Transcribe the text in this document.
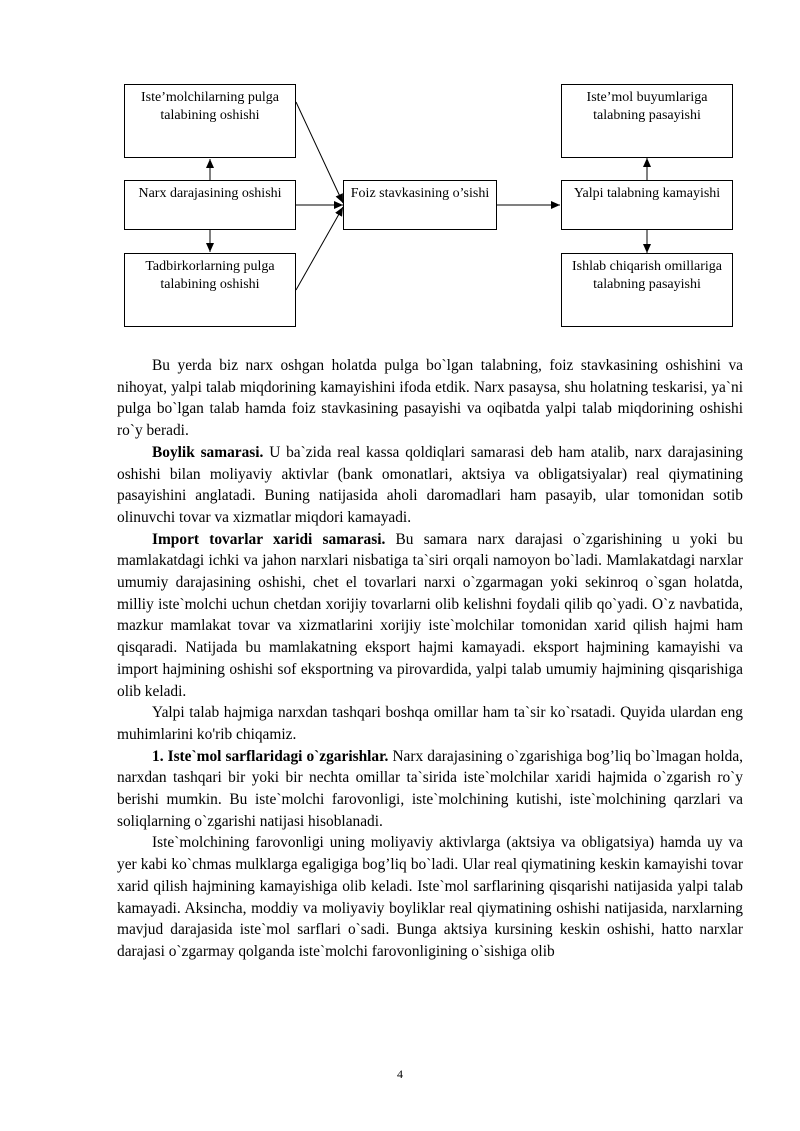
Iste’molchilarning pulga talabining oshishi
Narx darajasining oshishi
Tadbirkorlarning pulga talabining oshishi
Foiz stavkasining o’sishi
Iste’mol buyumlariga talabning pasayishi
Yalpi talabning kamayishi
Ishlab chiqarish omillariga talabning pasayishi

Bu yerda biz narx oshgan holatda pulga bo`lgan talabning, foiz stavkasining oshishini va nihoyat, yalpi talab miqdorining kamayishini ifoda etdik. Narx pasaysa, shu holatning teskarisi, ya`ni pulga bo`lgan talab hamda foiz stavkasining pasayishi va oqibatda yalpi talab miqdorining oshishi ro`y beradi.

Boylik samarasi. U ba`zida real kassa qoldiqlari samarasi deb ham atalib, narx darajasining oshishi bilan moliyaviy aktivlar (bank omonatlari, aktsiya va obligatsiyalar) real qiymatining pasayishini anglatadi. Buning natijasida aholi daromadlari ham pasayib, ular tomonidan sotib olinuvchi tovar va xizmatlar miqdori kamayadi.

Import tovarlar xaridi samarasi. Bu samara narx darajasi o`zgarishining u yoki bu mamlakatdagi ichki va jahon narxlari nisbatiga ta`siri orqali namoyon bo`ladi. Mamlakatdagi narxlar umumiy darajasining oshishi, chet el tovarlari narxi o`zgarmagan yoki sekinroq o`sgan holatda, milliy iste`molchi uchun chetdan xorijiy tovarlarni olib kelishni foydali qilib qo`yadi. O`z navbatida, mazkur mamlakat tovar va xizmatlarini xorijiy iste`molchilar tomonidan xarid qilish hajmi ham qisqaradi. Natijada bu mamlakatning eksport hajmi kamayadi. eksport hajmining kamayishi va import hajmining oshishi sof eksportning va pirovardida, yalpi talab umumiy hajmining qisqarishiga olib keladi.

Yalpi talab hajmiga narxdan tashqari boshqa omillar ham ta`sir ko`rsatadi. Quyida ulardan eng muhimlarini ko'rib chiqamiz.

1. Iste`mol sarflaridagi o`zgarishlar. Narx darajasining o`zgarishiga bog’liq bo`lmagan holda, narxdan tashqari bir yoki bir nechta omillar ta`sirida iste`molchilar xaridi hajmida o`zgarish ro`y berishi mumkin. Bu iste`molchi farovonligi, iste`molchining kutishi, iste`molchining qarzlari va soliqlarning o`zgarishi natijasi hisoblanadi.

Iste`molchining farovonligi uning moliyaviy aktivlarga (aktsiya va obligatsiya) hamda uy va yer kabi ko`chmas mulklarga egaligiga bog’liq bo`ladi. Ular real qiymatining keskin kamayishi tovar xarid qilish hajmining kamayishiga olib keladi. Iste`mol sarflarining qisqarishi natijasida yalpi talab kamayadi. Aksincha, moddiy va moliyaviy boyliklar real qiymatining oshishi natijasida, narxlarning mavjud darajasida iste`mol sarflari o`sadi. Bunga aktsiya kursining keskin oshishi, hatto narxlar darajasi o`zgarmay qolganda iste`molchi farovonligining o`sishiga olib

4
